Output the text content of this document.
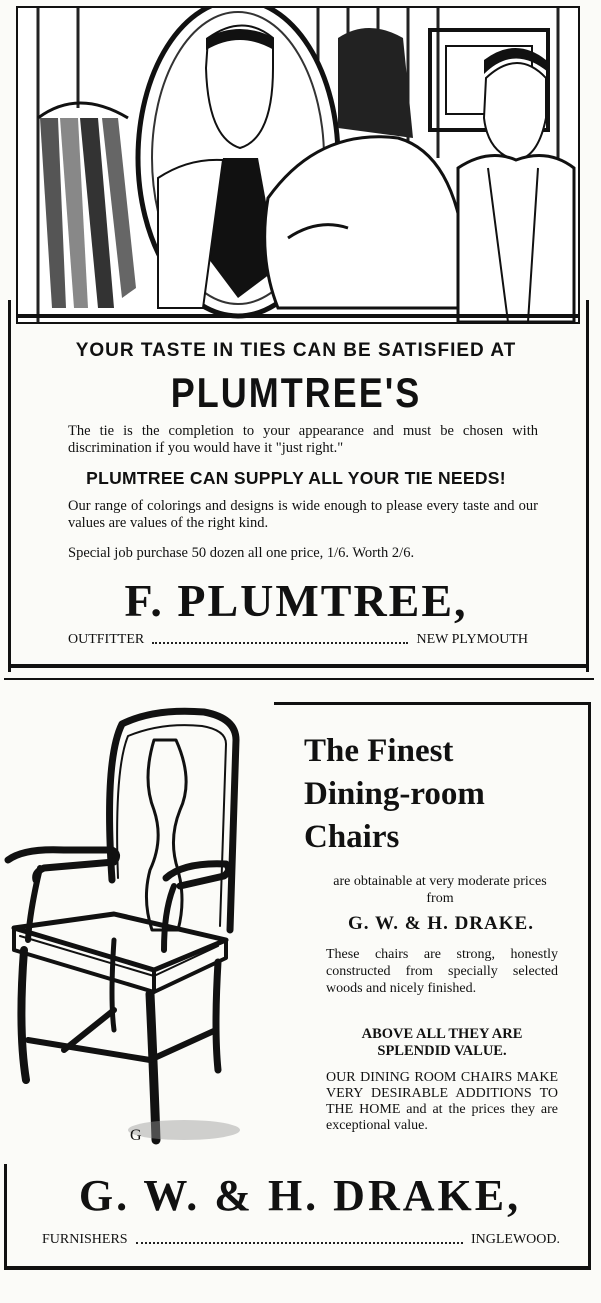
YOUR TASTE IN TIES CAN BE SATISFIED AT
PLUMTREE'S
The tie is the completion to your appearance and must be chosen with discrimination if you would have it "just right."
PLUMTREE CAN SUPPLY ALL YOUR TIE NEEDS!
Our range of colorings and designs is wide enough to please every taste and our values are values of the right kind.
Special job purchase 50 dozen all one price, 1/6. Worth 2/6.
F. PLUMTREE,
OUTFITTER	NEW PLYMOUTH
G
The Finest
Dining-room
Chairs
are obtainable at very moderate prices from
G. W. & H. DRAKE.
These chairs are strong, honestly constructed from specially selected woods and nicely finished.
ABOVE ALL THEY ARE SPLENDID VALUE.
OUR DINING ROOM CHAIRS MAKE VERY DESIRABLE ADDITIONS TO THE HOME and at the prices they are exceptional value.
G. W. & H. DRAKE,
FURNISHERS	INGLEWOOD.
